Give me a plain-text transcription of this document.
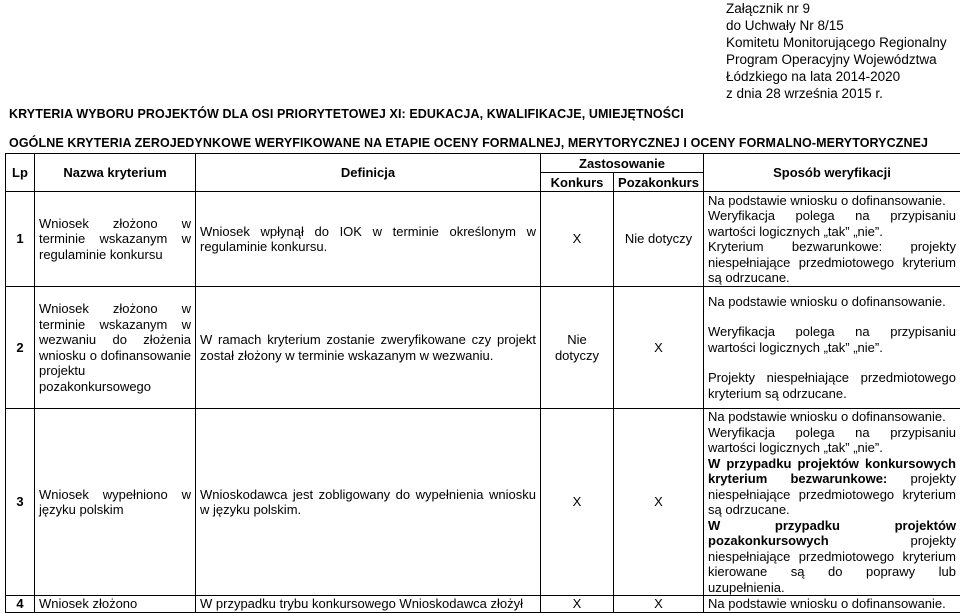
Załącznik nr 9
do Uchwały Nr 8/15
Komitetu Monitorującego Regionalny
Program Operacyjny Województwa
Łódzkiego na lata 2014-2020
z dnia 28 września 2015 r.
KRYTERIA WYBORU PROJEKTÓW DLA OSI PRIORYTETOWEJ XI: EDUKACJA, KWALIFIKACJE, UMIEJĘTNOŚCI
OGÓLNE KRYTERIA ZEROJEDYNKOWE WERYFIKOWANE NA ETAPIE OCENY FORMALNEJ, MERYTORYCZNEJ I OCENY FORMALNO-MERYTORYCZNEJ
Lp	Nazwa kryterium	Definicja	Zastosowanie		Sposób weryfikacji
			Konkurs	Pozakonkurs	
1	Wniosek złożono w terminie wskazanym w regulaminie konkursu	Wniosek wpłynął do IOK w terminie określonym w regulaminie konkursu.	X	Nie dotyczy	Na podstawie wniosku o dofinansowanie.
Weryfikacja polega na przypisaniu wartości logicznych „tak” „nie”.
Kryterium bezwarunkowe: projekty niespełniające przedmiotowego kryterium są odrzucane.

2	Wniosek złożono w terminie wskazanym w wezwaniu do złożenia wniosku o dofinansowanie projektu pozakonkursowego	W ramach kryterium zostanie zweryfikowane czy projekt został złożony w terminie wskazanym w wezwaniu.	Nie dotyczy	X	Na podstawie wniosku o dofinansowanie.
Weryfikacja polega na przypisaniu wartości logicznych „tak” „nie”.
Projekty niespełniające przedmiotowego kryterium są odrzucane.

3	Wniosek wypełniono w języku polskim	Wnioskodawca jest zobligowany do wypełnienia wniosku w języku polskim.	X	X	Na podstawie wniosku o dofinansowanie.
Weryfikacja polega na przypisaniu wartości logicznych „tak” „nie”.
W przypadku projektów konkursowych kryterium bezwarunkowe: projekty niespełniające przedmiotowego kryterium są odrzucane.
W przypadku projektów pozakonkursowych projekty niespełniające przedmiotowego kryterium kierowane są do poprawy lub uzupełnienia.

4	Wniosek złożono	W przypadku trybu konkursowego Wnioskodawca złożył	X	X	Na podstawie wniosku o dofinansowanie.
